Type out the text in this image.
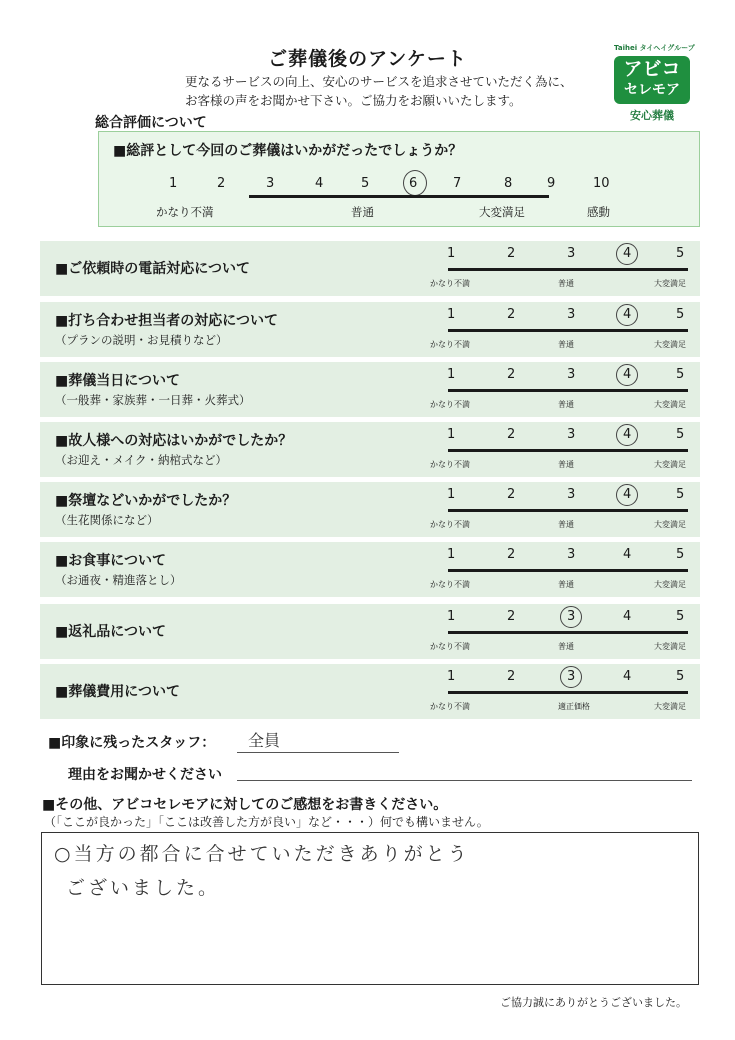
ご葬儀後のアンケート
更なるサービスの向上、安心のサービスを追求させていただく為に、
お客様の声をお聞かせ下さい。ご協力をお願いいたします。
Taihei タイヘイグループ
アビコ
セレモア
安心葬儀
総合評価について
■総評として今回のご葬儀はいかがだったでしょうか？
1	2	3	4	5	6	7	8	9	10
かなり不満	普通	大変満足	感動
■ご依頼時の電話対応について
1	2	3	4	5
かなり不満	普通	大変満足
■打ち合わせ担当者の対応について
（プランの説明・お見積りなど）
1	2	3	4	5
かなり不満	普通	大変満足
■葬儀当日について
（一般葬・家族葬・一日葬・火葬式）
1	2	3	4	5
かなり不満	普通	大変満足
■故人様への対応はいかがでしたか？
（お迎え・メイク・納棺式など）
1	2	3	4	5
かなり不満	普通	大変満足
■祭壇などいかがでしたか？
（生花関係になど）
1	2	3	4	5
かなり不満	普通	大変満足
■お食事について
（お通夜・精進落とし）
1	2	3	4	5
かなり不満	普通	大変満足
■返礼品について
1	2	3	4	5
かなり不満	普通	大変満足
■葬儀費用について
1	2	3	4	5
かなり不満	適正価格	大変満足
■印象に残ったスタッフ： 全員
理由をお聞かせください
■その他、アビコセレモアに対してのご感想をお書きください。
（「ここが良かった」「ここは改善した方が良い」など・・・）何でも構いません。
○当方の都合に合せていただきありがとう
ございました。
ご協力誠にありがとうございました。
